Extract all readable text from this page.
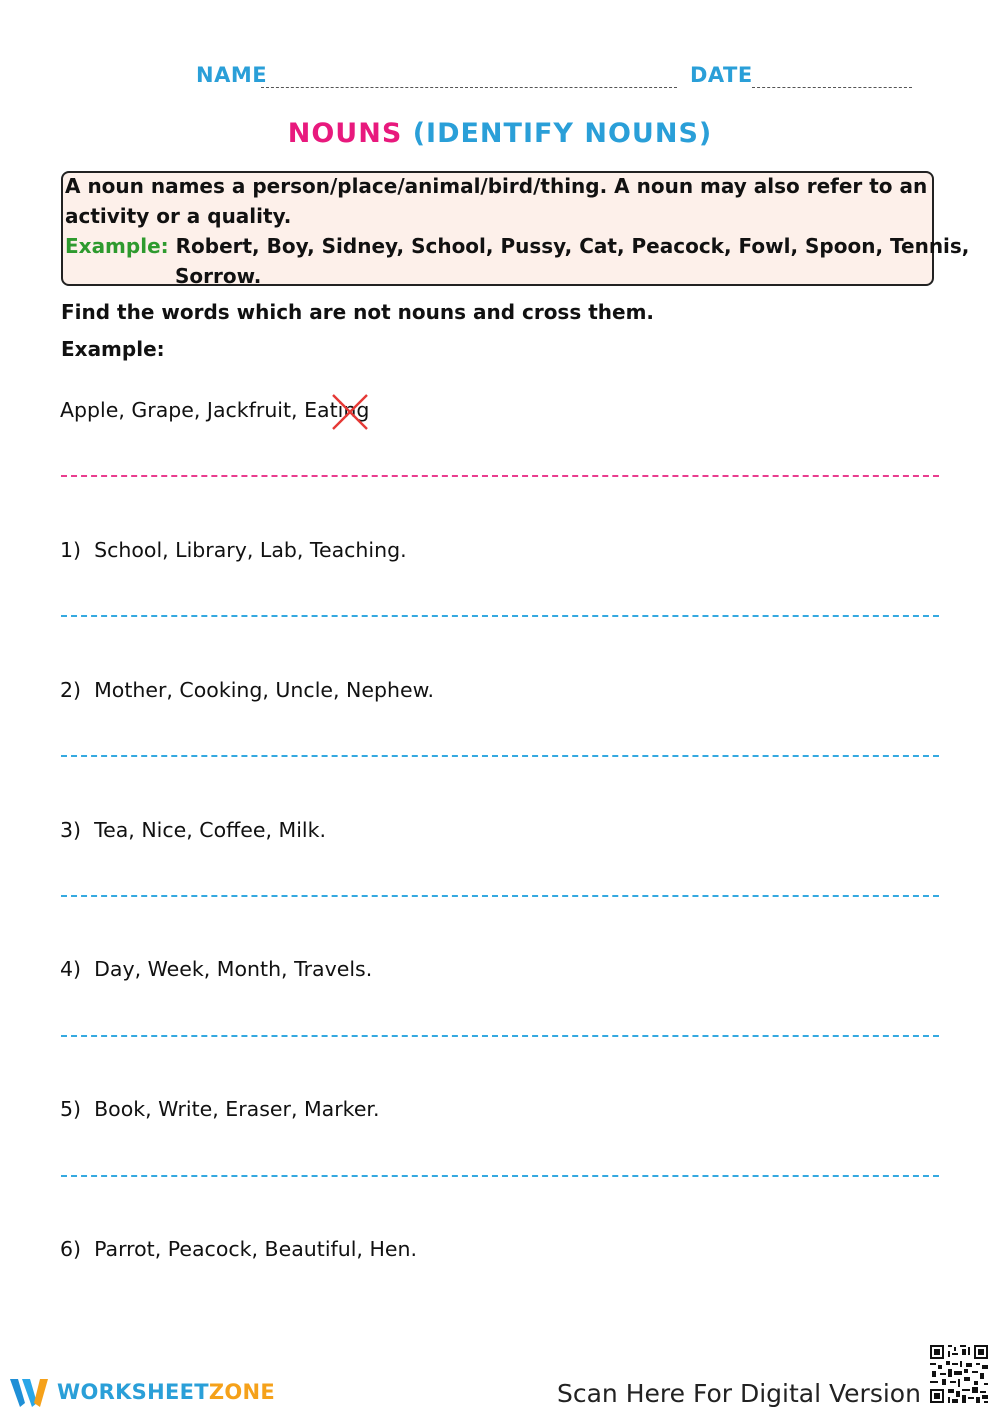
NAME	DATE
NOUNS (IDENTIFY NOUNS)
A noun names a person/place/animal/bird/thing. A noun may also refer to an
activity or a quality.
Example: Robert, Boy, Sidney, School, Pussy, Cat, Peacock, Fowl, Spoon, Tennis,
Sorrow.
Find the words which are not nouns and cross them.
Example:
Apple, Grape, Jackfruit, Eating
1) School, Library, Lab, Teaching.
2) Mother, Cooking, Uncle, Nephew.
3) Tea, Nice, Coffee, Milk.
4) Day, Week, Month, Travels.
5) Book, Write, Eraser, Marker.
6) Parrot, Peacock, Beautiful, Hen.
WORKSHEETZONE	Scan Here For Digital Version
